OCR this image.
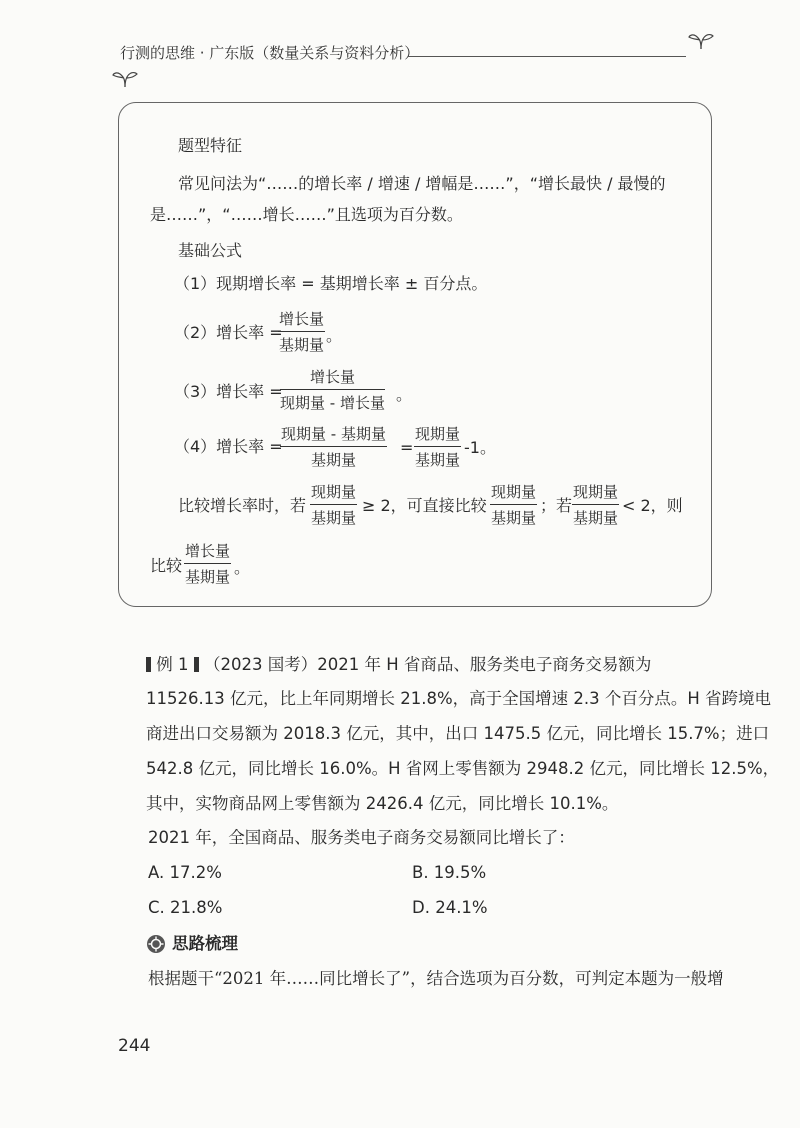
行测的思维 · 广东版（数量关系与资料分析）
题型特征
常见问法为“……的增长率 / 增速 / 增幅是……”，“增长最快 / 最慢的
是……”，“……增长……”且选项为百分数。
基础公式
（1）现期增长率 = 基期增长率 ± 百分点。
（2）增长率 =
增长量
基期量 。
（3）增长率 =
增长量
现期量 - 增长量 。
（4）增长率 =
现期量 - 基期量
基期量
=
现期量
基期量
-1。
比较增长率时，若
现期量
基期量
≥ 2，可直接比较
现期量
基期量
；若
现期量
基期量
< 2，则
比较
增长量
基期量 。
例 1 （2023 国考）2021 年 H 省商品、服务类电子商务交易额为
11526.13 亿元，比上年同期增长 21.8%，高于全国增速 2.3 个百分点。H 省跨境电
商进出口交易额为 2018.3 亿元，其中，出口 1475.5 亿元，同比增长 15.7%；进口
542.8 亿元，同比增长 16.0%。H 省网上零售额为 2948.2 亿元，同比增长 12.5%，
其中，实物商品网上零售额为 2426.4 亿元，同比增长 10.1%。
2021 年，全国商品、服务类电子商务交易额同比增长了：
A. 17.2%	B. 19.5%
C. 21.8%	D. 24.1%
思路梳理
根据题干“2021 年……同比增长了”，结合选项为百分数，可判定本题为一般增
244
